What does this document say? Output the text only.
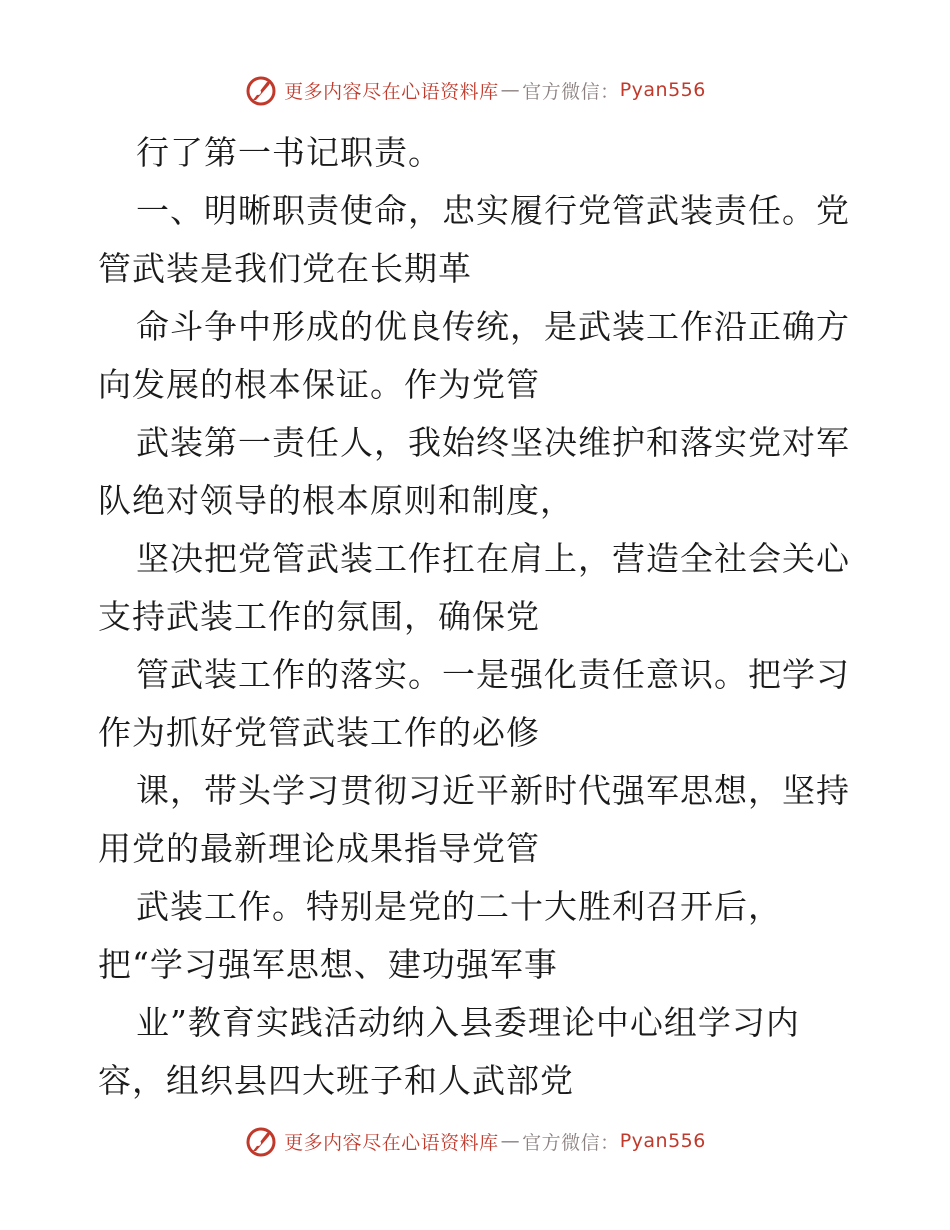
更多内容尽在心语资料库 — 官方微信： Pyan556
行了第一书记职责。
一、明晰职责使命，忠实履行党管武装责任。党
管武装是我们党在长期革
命斗争中形成的优良传统，是武装工作沿正确方
向发展的根本保证。作为党管
武装第一责任人，我始终坚决维护和落实党对军
队绝对领导的根本原则和制度，
坚决把党管武装工作扛在肩上，营造全社会关心
支持武装工作的氛围，确保党
管武装工作的落实。一是强化责任意识。把学习
作为抓好党管武装工作的必修
课，带头学习贯彻习近平新时代强军思想，坚持
用党的最新理论成果指导党管
武装工作。特别是党的二十大胜利召开后，
把“学习强军思想、建功强军事
业”教育实践活动纳入县委理论中心组学习内
容，组织县四大班子和人武部党
更多内容尽在心语资料库 — 官方微信： Pyan556
